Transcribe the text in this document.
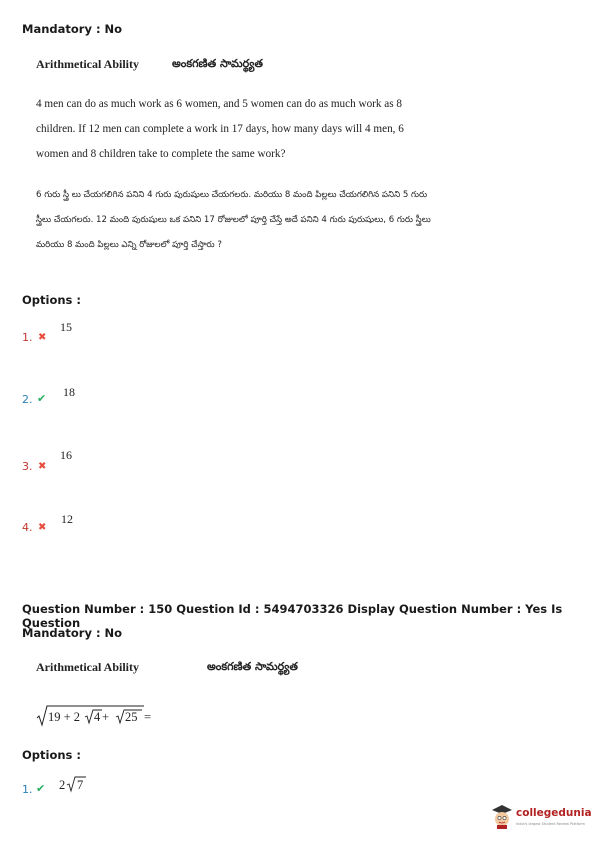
Mandatory : No
Arithmetical Ability	అంకగణిత సామర్థ్యత
4 men can do as much work as 6 women, and 5 women can do as much work as 8 children. If 12 men can complete a work in 17 days, how many days will 4 men, 6 women and 8 children take to complete the same work?
6 గురు స్త్రీ లు చేయగలిగిన పనిని 4 గురు పురుషులు చేయగలరు. మరియు 8 మంది పిల్లలు చేయగలిగిన పనిని 5 గురు స్త్రీలు చేయగలరు. 12 మంది పురుషులు ఒక పనిని 17 రోజులలో పూర్తి చేస్తే అదే పనిని 4 గురు పురుషులు, 6 గురు స్త్రీలు మరియు 8 మంది పిల్లలు ఎన్ని రోజులలో పూర్తి చేస్తారు ?
Options :
1. ✖
15
2. ✔ 18
3. ✖
16
4. ✖
12
Question Number : 150 Question Id : 5494703326 Display Question Number : Yes Is Question
Mandatory : No
Arithmetical Ability	అంకగణిత సామర్థ్యత
19 + 2 4 + 25 =
Options :
1. ✔ 2 7
collegedunia
India's largest Student Review Platform
